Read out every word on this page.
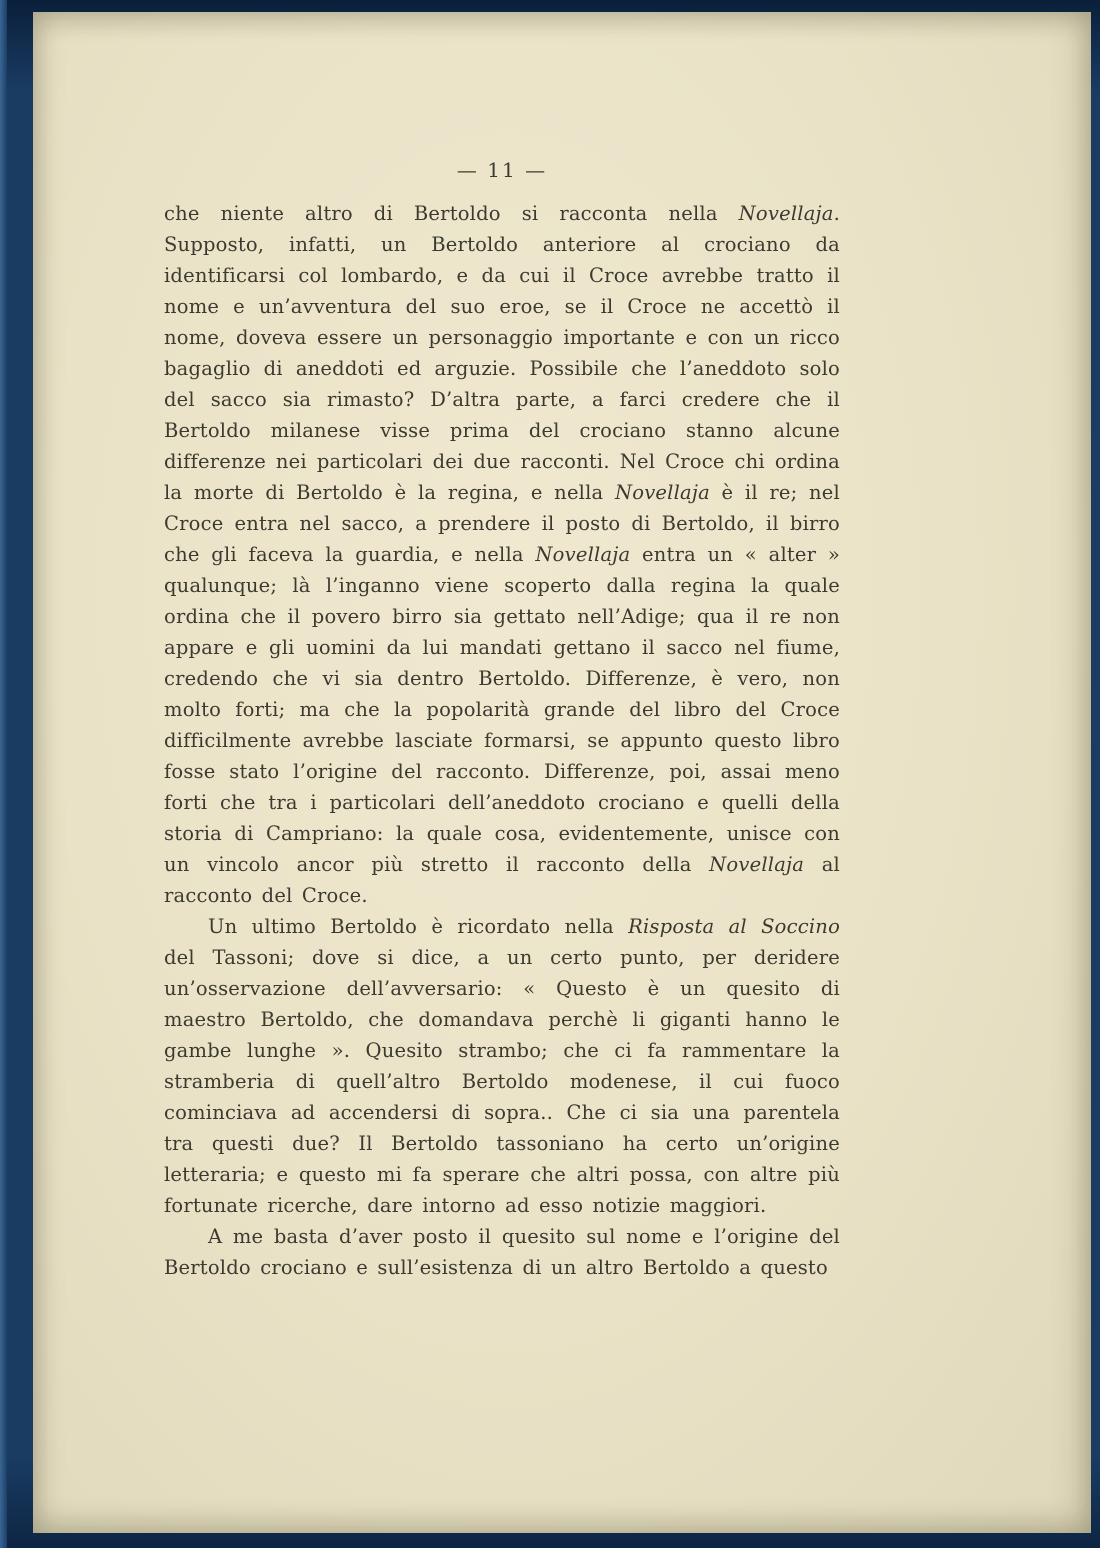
— 11 —

che niente altro di Bertoldo si racconta nella Novellaja. Supposto, infatti, un Bertoldo anteriore al crociano da identificarsi col lombardo, e da cui il Croce avrebbe tratto il nome e un’avventura del suo eroe, se il Croce ne accettò il nome, doveva essere un personaggio importante e con un ricco bagaglio di aneddoti ed arguzie. Possibile che l’aneddoto solo del sacco sia rimasto? D’altra parte, a farci credere che il Bertoldo milanese visse prima del crociano stanno alcune differenze nei particolari dei due racconti. Nel Croce chi ordina la morte di Bertoldo è la regina, e nella Novellaja è il re; nel Croce entra nel sacco, a prendere il posto di Bertoldo, il birro che gli faceva la guardia, e nella Novellaja entra un « alter » qualunque; là l’inganno viene scoperto dalla regina la quale ordina che il povero birro sia gettato nell’Adige; qua il re non appare e gli uomini da lui mandati gettano il sacco nel fiume, credendo che vi sia dentro Bertoldo. Differenze, è vero, non molto forti; ma che la popolarità grande del libro del Croce difficilmente avrebbe lasciate formarsi, se appunto questo libro fosse stato l’origine del racconto. Differenze, poi, assai meno forti che tra i particolari dell’aneddoto crociano e quelli della storia di Campriano: la quale cosa, evidentemente, unisce con un vincolo ancor più stretto il racconto della Novellaja al racconto del Croce.

Un ultimo Bertoldo è ricordato nella Risposta al Soccino del Tassoni; dove si dice, a un certo punto, per deridere un’osservazione dell’avversario: « Questo è un quesito di maestro Bertoldo, che domandava perchè li giganti hanno le gambe lunghe ». Quesito strambo; che ci fa rammentare la stramberia di quell’altro Bertoldo modenese, il cui fuoco cominciava ad accendersi di sopra.. Che ci sia una parentela tra questi due? Il Bertoldo tassoniano ha certo un’origine letteraria; e questo mi fa sperare che altri possa, con altre più fortunate ricerche, dare intorno ad esso notizie maggiori.

A me basta d’aver posto il quesito sul nome e l’origine del Bertoldo crociano e sull’esistenza di un altro Bertoldo a questo
